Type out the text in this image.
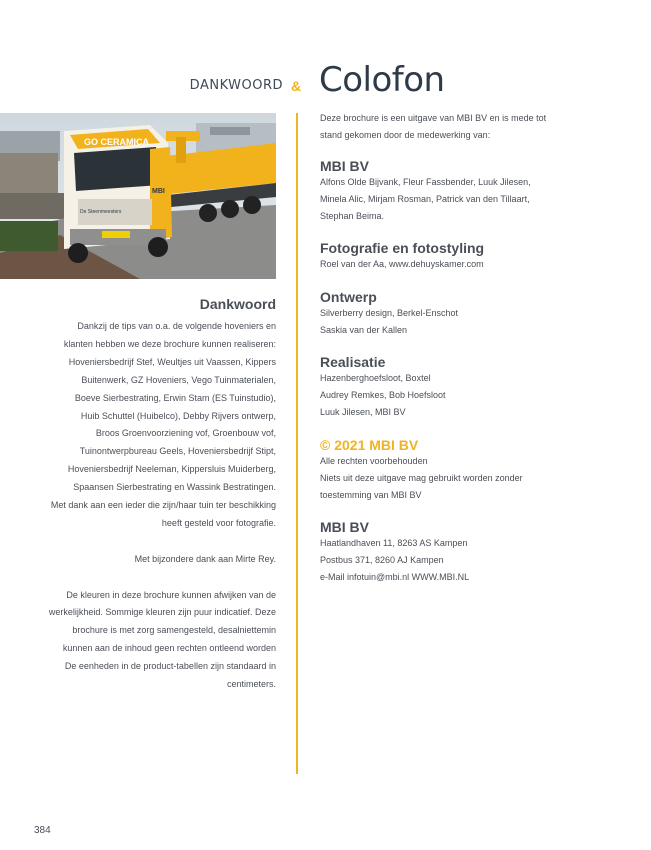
DANKWOORD & Colofon
GO CERAMICA
MBI
De Steenmeesters
Dankwoord

Dankzij de tips van o.a. de volgende hoveniers en

klanten hebben we deze brochure kunnen realiseren:

Hoveniersbedrijf Stef, Weultjes uit Vaassen, Kippers

Buitenwerk, GZ Hoveniers, Vego Tuinmaterialen,

Boeve Sierbestrating, Erwin Stam (ES Tuinstudio),

Huib Schuttel (Huibelco), Debby Rijvers ontwerp,

Broos Groenvoorziening vof, Groenbouw vof,

Tuinontwerpbureau Geels, Hoveniersbedrijf Stipt,

Hoveniersbedrijf Neeleman, Kippersluis Muiderberg,

Spaansen Sierbestrating en Wassink Bestratingen.

Met dank aan een ieder die zijn/haar tuin ter beschikking

heeft gesteld voor fotografie.

Met bijzondere dank aan Mirte Rey.

De kleuren in deze brochure kunnen afwijken van de

werkelijkheid. Sommige kleuren zijn puur indicatief. Deze

brochure is met zorg samengesteld, desalniettemin

kunnen aan de inhoud geen rechten ontleend worden

De eenheden in de product-tabellen zijn standaard in

centimeters.

Deze brochure is een uitgave van MBI BV en is mede tot
stand gekomen door de medewerking van:

MBI BV

Alfons Olde Bijvank, Fleur Fassbender, Luuk Jilesen,
Minela Alic, Mirjam Rosman, Patrick van den Tillaart,
Stephan Beima.

Fotografie en fotostyling

Roel van der Aa, www.dehuyskamer.com

Ontwerp

Silverberry design, Berkel-Enschot
Saskia van der Kallen

Realisatie

Hazenberghoefsloot, Boxtel
Audrey Remkes, Bob Hoefsloot
Luuk Jilesen, MBI BV

© 2021 MBI BV

Alle rechten voorbehouden
Niets uit deze uitgave mag gebruikt worden zonder
toestemming van MBI BV

MBI BV

Haatlandhaven 11, 8263 AS Kampen
Postbus 371, 8260 AJ Kampen
e-Mail infotuin@mbi.nl WWW.MBI.NL

384
